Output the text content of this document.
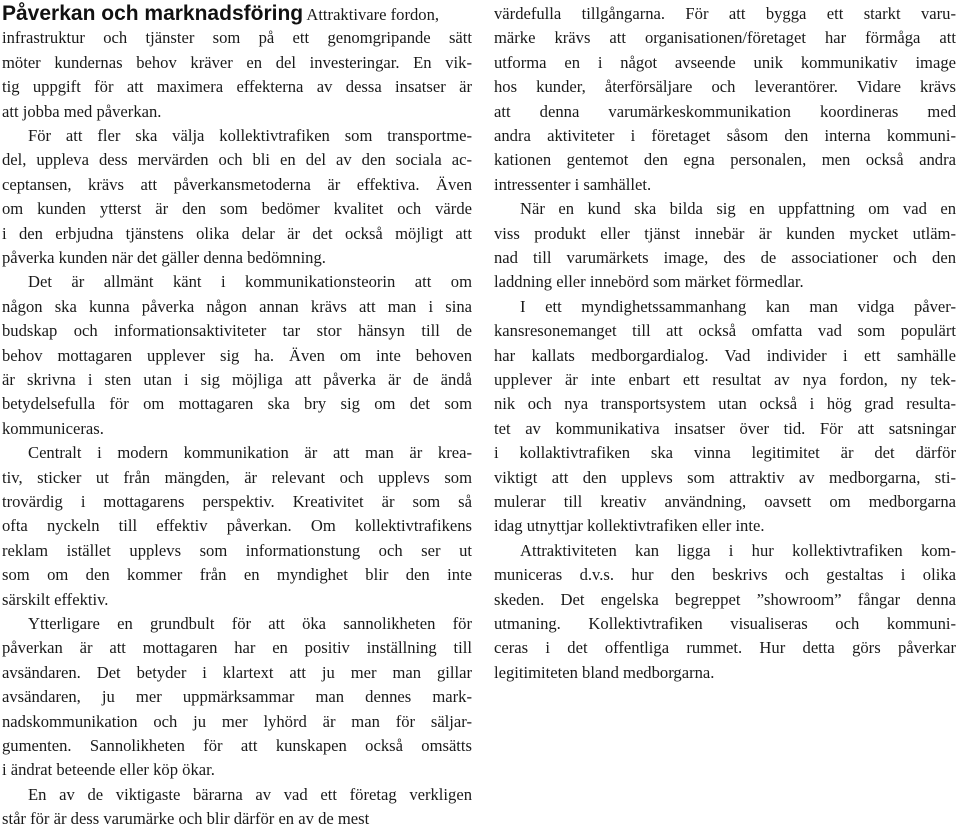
Påverkan och marknadsföring Attraktivare fordon,
infrastruktur och tjänster som på ett genomgripande sätt
möter kundernas behov kräver en del investeringar. En vik-
tig uppgift för att maximera effekterna av dessa insatser är
att jobba med påverkan.
För att fler ska välja kollektivtrafiken som transportme-
del, uppleva dess mervärden och bli en del av den sociala ac-
ceptansen, krävs att påverkansmetoderna är effektiva. Även
om kunden ytterst är den som bedömer kvalitet och värde
i den erbjudna tjänstens olika delar är det också möjligt att
påverka kunden när det gäller denna bedömning.
Det är allmänt känt i kommunikationsteorin att om
någon ska kunna påverka någon annan krävs att man i sina
budskap och informationsaktiviteter tar stor hänsyn till de
behov mottagaren upplever sig ha. Även om inte behoven
är skrivna i sten utan i sig möjliga att påverka är de ändå
betydelsefulla för om mottagaren ska bry sig om det som
kommuniceras.
Centralt i modern kommunikation är att man är krea-
tiv, sticker ut från mängden, är relevant och upplevs som
trovärdig i mottagarens perspektiv. Kreativitet är som så
ofta nyckeln till effektiv påverkan. Om kollektivtrafikens
reklam istället upplevs som informationstung och ser ut
som om den kommer från en myndighet blir den inte
särskilt effektiv.
Ytterligare en grundbult för att öka sannolikheten för
påverkan är att mottagaren har en positiv inställning till
avsändaren. Det betyder i klartext att ju mer man gillar
avsändaren, ju mer uppmärksammar man dennes mark-
nadskommunikation och ju mer lyhörd är man för säljar-
gumenten. Sannolikheten för att kunskapen också omsätts
i ändrat beteende eller köp ökar.
En av de viktigaste bärarna av vad ett företag verkligen
står för är dess varumärke och blir därför en av de mest
värdefulla tillgångarna. För att bygga ett starkt varu-
märke krävs att organisationen/företaget har förmåga att
utforma en i något avseende unik kommunikativ image
hos kunder, återförsäljare och leverantörer. Vidare krävs
att denna varumärkeskommunikation koordineras med
andra aktiviteter i företaget såsom den interna kommuni-
kationen gentemot den egna personalen, men också andra
intressenter i samhället.
När en kund ska bilda sig en uppfattning om vad en
viss produkt eller tjänst innebär är kunden mycket utläm-
nad till varumärkets image, des de associationer och den
laddning eller innebörd som märket förmedlar.
I ett myndighetssammanhang kan man vidga påver-
kansresonemanget till att också omfatta vad som populärt
har kallats medborgardialog. Vad individer i ett samhälle
upplever är inte enbart ett resultat av nya fordon, ny tek-
nik och nya transportsystem utan också i hög grad resulta-
tet av kommunikativa insatser över tid. För att satsningar
i kollaktivtrafiken ska vinna legitimitet är det därför
viktigt att den upplevs som attraktiv av medborgarna, sti-
mulerar till kreativ användning, oavsett om medborgarna
idag utnyttjar kollektivtrafiken eller inte.
Attraktiviteten kan ligga i hur kollektivtrafiken kom-
municeras d.v.s. hur den beskrivs och gestaltas i olika
skeden. Det engelska begreppet ”showroom” fångar denna
utmaning. Kollektivtrafiken visualiseras och kommuni-
ceras i det offentliga rummet. Hur detta görs påverkar
legitimiteten bland medborgarna.
